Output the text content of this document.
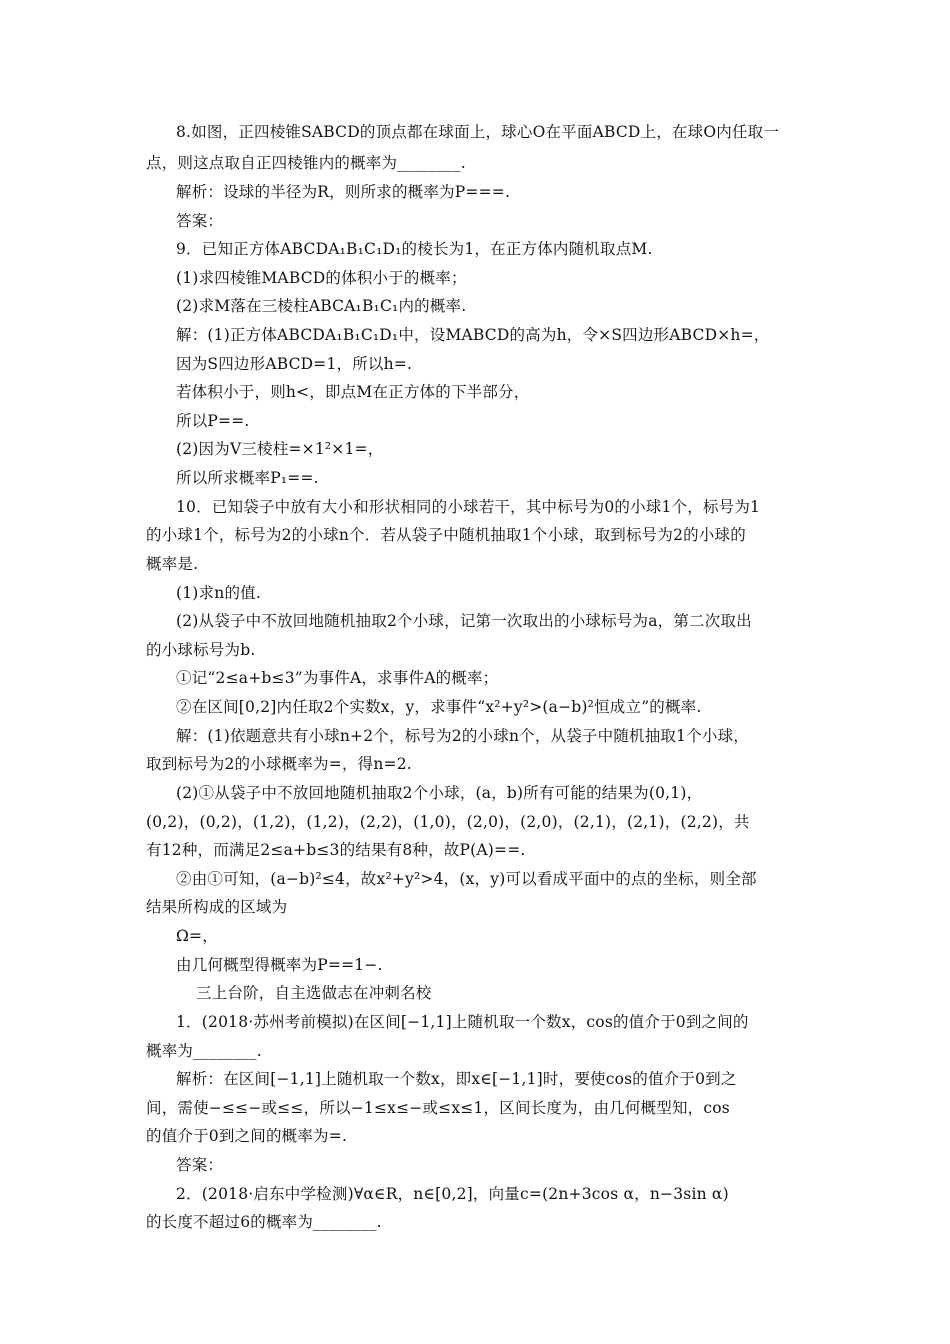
8.如图，正四棱锥SABCD的顶点都在球面上，球心O在平面ABCD上，在球O内任取一
点，则这点取自正四棱锥内的概率为________.
解析：设球的半径为R，则所求的概率为P===.
答案：
9．已知正方体ABCDA₁B₁C₁D₁的棱长为1，在正方体内随机取点M.
(1)求四棱锥MABCD的体积小于的概率；
(2)求M落在三棱柱ABCA₁B₁C₁内的概率.
解：(1)正方体ABCDA₁B₁C₁D₁中，设MABCD的高为h，令×S四边形ABCD×h=，
因为S四边形ABCD=1，所以h=.
若体积小于，则h<，即点M在正方体的下半部分，
所以P==.
(2)因为V三棱柱=×1²×1=，
所以所求概率P₁==.
10．已知袋子中放有大小和形状相同的小球若干，其中标号为0的小球1个，标号为1
的小球1个，标号为2的小球n个．若从袋子中随机抽取1个小球，取到标号为2的小球的
概率是.
(1)求n的值.
(2)从袋子中不放回地随机抽取2个小球，记第一次取出的小球标号为a，第二次取出
的小球标号为b.
①记“2≤a+b≤3”为事件A，求事件A的概率；
②在区间[0,2]内任取2个实数x，y，求事件“x²+y²>(a−b)²恒成立”的概率.
解：(1)依题意共有小球n+2个，标号为2的小球n个，从袋子中随机抽取1个小球，
取到标号为2的小球概率为=，得n=2.
(2)①从袋子中不放回地随机抽取2个小球，(a，b)所有可能的结果为(0,1)，
(0,2)，(0,2)，(1,2)，(1,2)，(2,2)，(1,0)，(2,0)，(2,0)，(2,1)，(2,1)，(2,2)，共
有12种，而满足2≤a+b≤3的结果有8种，故P(A)==.
②由①可知，(a−b)²≤4，故x²+y²>4，(x，y)可以看成平面中的点的坐标，则全部
结果所构成的区域为
Ω=，
由几何概型得概率为P==1−.
三上台阶，自主选做志在冲刺名校
1．(2018·苏州考前模拟)在区间[−1,1]上随机取一个数x，cos的值介于0到之间的
概率为________.
解析：在区间[−1,1]上随机取一个数x，即x∈[−1,1]时，要使cos的值介于0到之
间，需使−≤≤−或≤≤，所以−1≤x≤−或≤x≤1，区间长度为，由几何概型知，cos
的值介于0到之间的概率为=.
答案：
2．(2018·启东中学检测)∀α∈R，n∈[0,2]，向量c=(2n+3cos α，n−3sin α)
的长度不超过6的概率为________.
